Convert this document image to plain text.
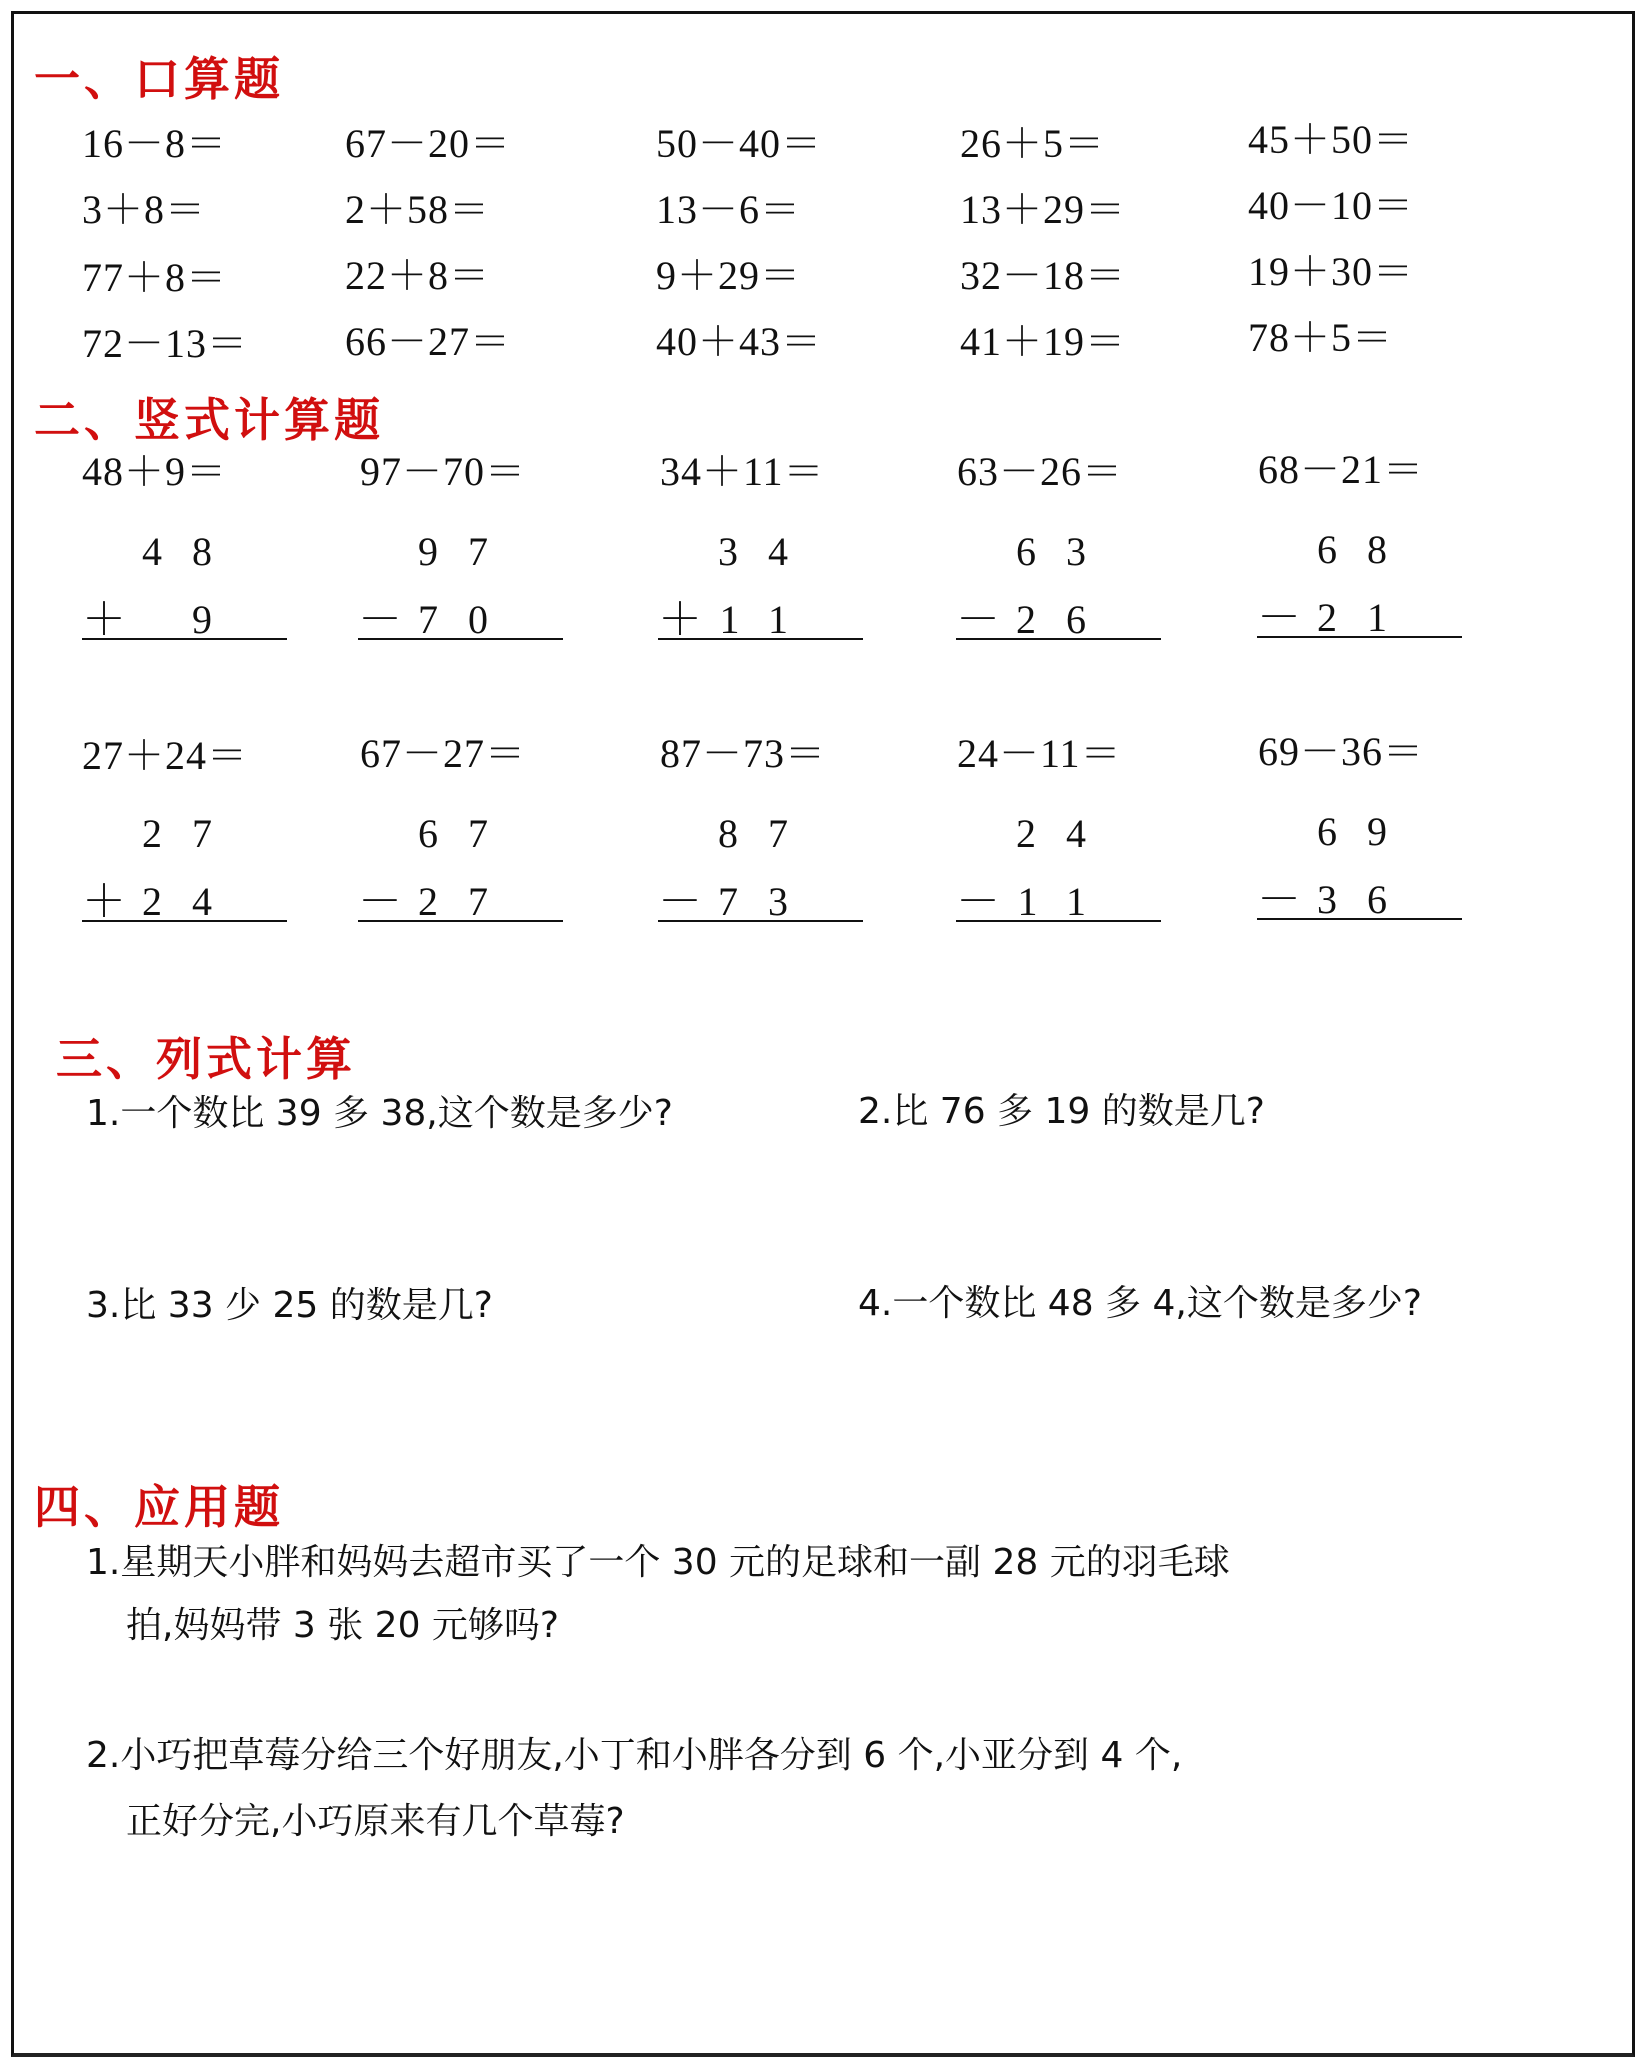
一、口算题
16－8＝	67－20＝	50－40＝	26＋5＝	45＋50＝
3＋8＝	2＋58＝	13－6＝	13＋29＝	40－10＝
77＋8＝	22＋8＝	9＋29＝	32－18＝	19＋30＝
72－13＝ 66－27＝	40＋43＝	41＋19＝	78＋5＝
二、竖式计算题
48＋9＝	97－70＝	34＋11＝	63－26＝	68－21＝
48
＋	9
97
－ 70
34
＋ 11
63
－ 26
68
－ 21
27＋24＝	67－27＝	87－73＝	24－11＝	69－36＝
27
＋ 24
67
－ 27
87
－ 73
24
－ 11
69
－ 36
三、列式计算
1.一个数比 39 多 38,这个数是多少?	2.比 76 多 19 的数是几?
3.比 33 少 25 的数是几?	4.一个数比 48 多 4,这个数是多少?
四、应用题
1.星期天小胖和妈妈去超市买了一个 30 元的足球和一副 28 元的羽毛球
拍,妈妈带 3 张 20 元够吗?
2.小巧把草莓分给三个好朋友,小丁和小胖各分到 6 个,小亚分到 4 个,
正好分完,小巧原来有几个草莓?
